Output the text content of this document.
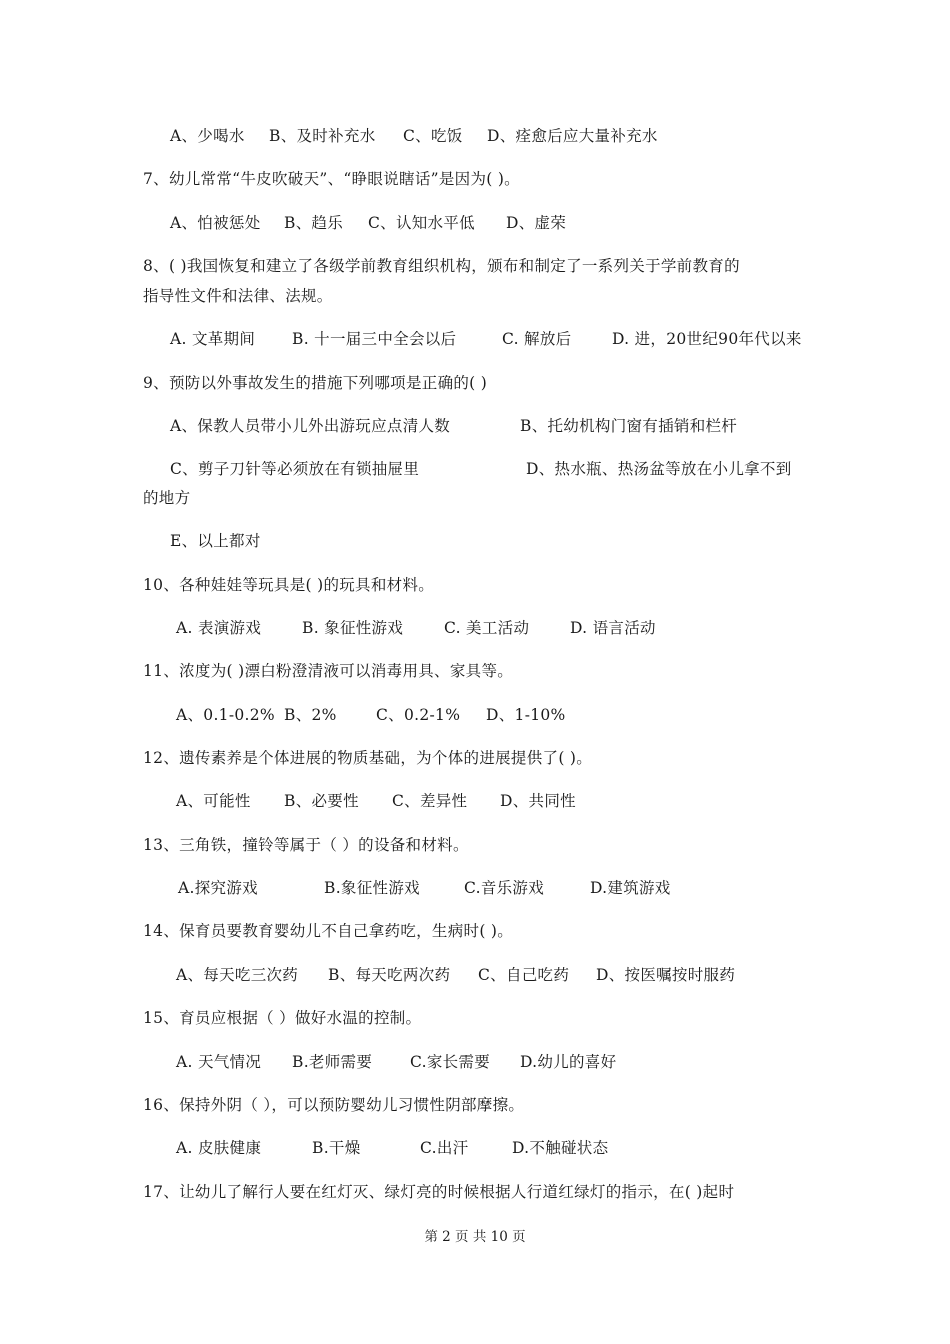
A、少喝水 B、及时补充水 C、吃饭 D、痊愈后应大量补充水
7、幼儿常常“牛皮吹破天”、“睁眼说瞎话”是因为( )。
A、怕被惩处 B、趋乐 C、认知水平低 D、虚荣
8、( )我国恢复和建立了各级学前教育组织机构，颁布和制定了一系列关于学前教育的
指导性文件和法律、法规。
A. 文革期间 B. 十一届三中全会以后	C. 解放后	D. 进，20世纪90年代以来
9、预防以外事故发生的措施下列哪项是正确的( )
A、保教人员带小儿外出游玩应点清人数	B、托幼机构门窗有插销和栏杆
C、剪子刀针等必须放在有锁抽屉里	D、热水瓶、热汤盆等放在小儿拿不到
的地方
E、以上都对
10、各种娃娃等玩具是( )的玩具和材料。
A. 表演游戏	B. 象征性游戏	C. 美工活动	D. 语言活动
11、浓度为( )漂白粉澄清液可以消毒用具、家具等。
A、0.1-0.2% B、2%	C、0.2-1% D、1-10%
12、遗传素养是个体进展的物质基础，为个体的进展提供了( )。
A、可能性 B、必要性 C、差异性 D、共同性
13、三角铁，撞铃等属于（ ）的设备和材料。
A.探究游戏	B.象征性游戏	C.音乐游戏	D.建筑游戏
14、保育员要教育婴幼儿不自己拿药吃，生病时( )。
A、每天吃三次药 B、每天吃两次药 C、自己吃药 D、按医嘱按时服药
15、育员应根据（ ）做好水温的控制。
A. 天气情况 B.老师需要 C.家长需要 D.幼儿的喜好
16、保持外阴（ ），可以预防婴幼儿习惯性阴部摩擦。
A. 皮肤健康	B.干燥	C.出汗	D.不触碰状态
17、让幼儿了解行人要在红灯灭、绿灯亮的时候根据人行道红绿灯的指示，在( )起时
第 2 页 共 10 页
